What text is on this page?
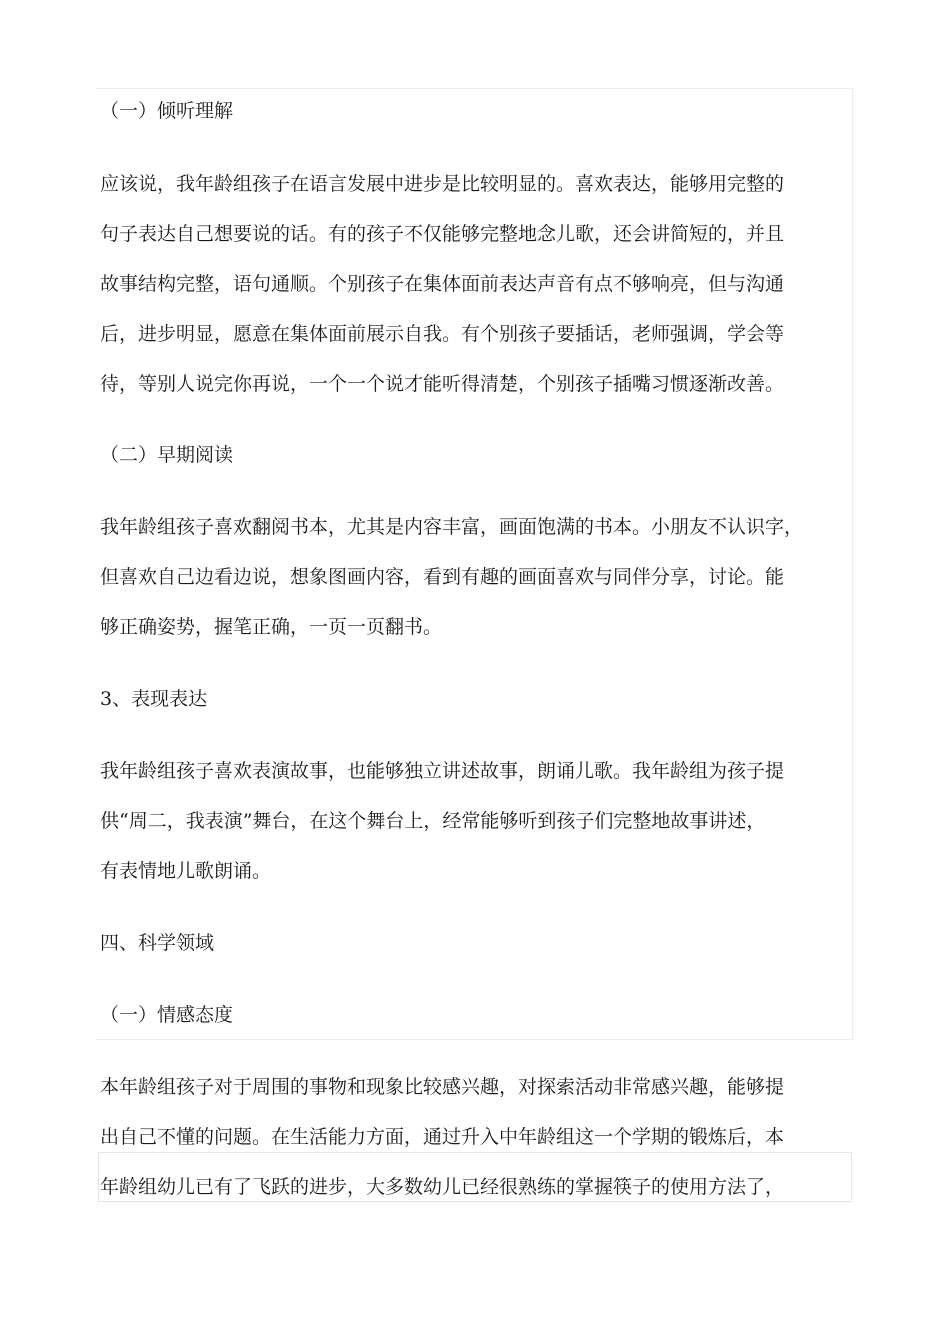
（一）倾听理解
应该说，我年龄组孩子在语言发展中进步是比较明显的。喜欢表达，能够用完整的
句子表达自己想要说的话。有的孩子不仅能够完整地念儿歌，还会讲简短的，并且
故事结构完整，语句通顺。个别孩子在集体面前表达声音有点不够响亮，但与沟通
后，进步明显，愿意在集体面前展示自我。有个别孩子要插话，老师强调，学会等
待，等别人说完你再说，一个一个说才能听得清楚，个别孩子插嘴习惯逐渐改善。
（二）早期阅读
我年龄组孩子喜欢翻阅书本，尤其是内容丰富，画面饱满的书本。小朋友不认识字，
但喜欢自己边看边说，想象图画内容，看到有趣的画面喜欢与同伴分享，讨论。能
够正确姿势，握笔正确，一页一页翻书。
3、表现表达
我年龄组孩子喜欢表演故事，也能够独立讲述故事，朗诵儿歌。我年龄组为孩子提
供“周二，我表演”舞台，在这个舞台上，经常能够听到孩子们完整地故事讲述，
有表情地儿歌朗诵。
四、科学领域
（一）情感态度
本年龄组孩子对于周围的事物和现象比较感兴趣，对探索活动非常感兴趣，能够提
出自己不懂的问题。在生活能力方面，通过升入中年龄组这一个学期的锻炼后，本
年龄组幼儿已有了飞跃的进步，大多数幼儿已经很熟练的掌握筷子的使用方法了，
